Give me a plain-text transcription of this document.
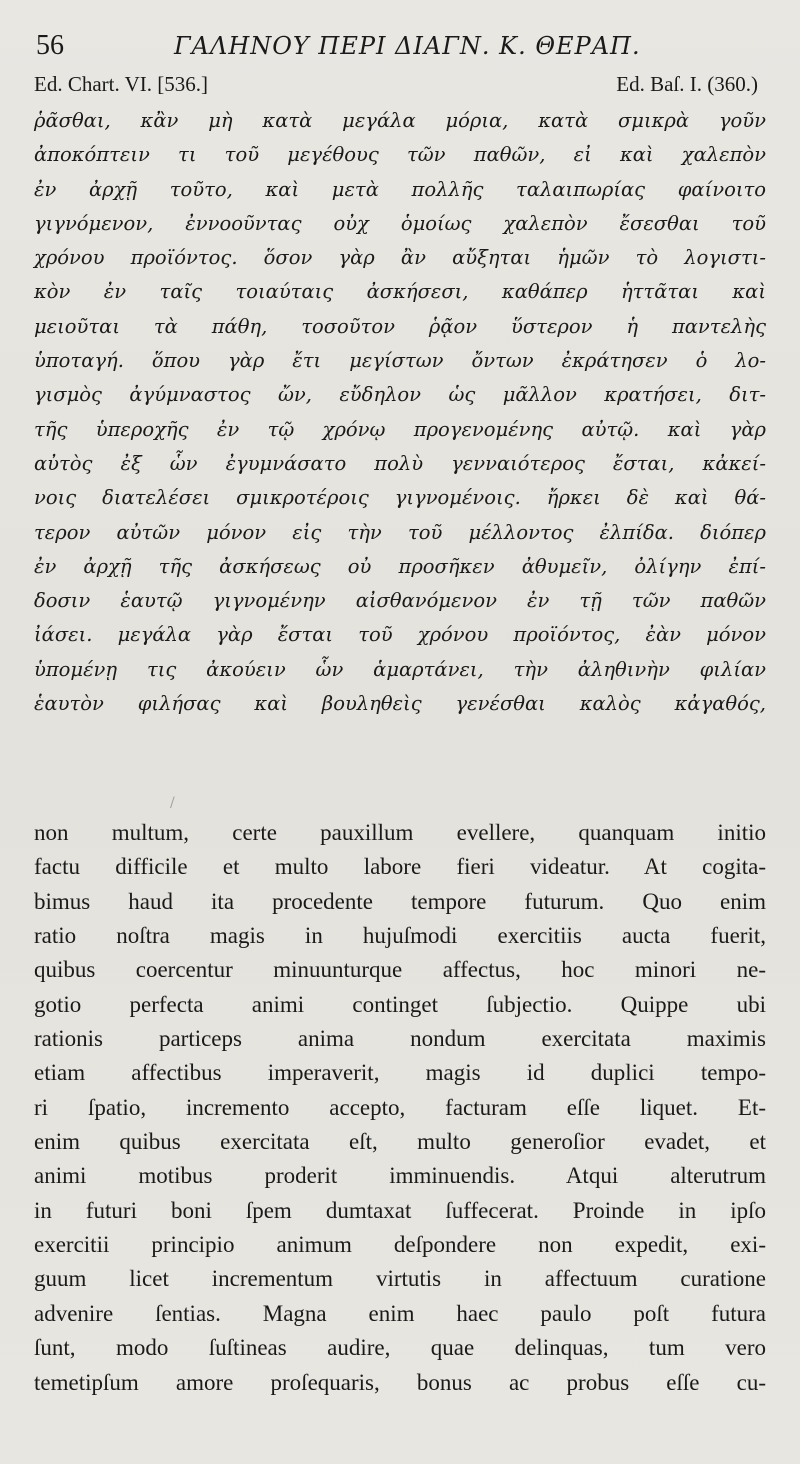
56	ΓΑΛΗΝΟΥ ΠΕΡΙ ΔΙΑΓΝ. Κ. ΘΕΡΑΠ.
Ed. Chart. VI. [536.]	Ed. Baſ. I. (360.)
ῥᾶσθαι, κἂν μὴ κατὰ μεγάλα μόρια, κατὰ σμικρὰ γοῦν
ἀποκόπτειν τι τοῦ μεγέθους τῶν παθῶν, εἰ καὶ χαλεπὸν
ἐν ἀρχῇ τοῦτο, καὶ μετὰ πολλῆς ταλαιπωρίας φαίνοιτο
γιγνόμενον, ἐννοοῦντας οὐχ ὁμοίως χαλεπὸν ἔσεσθαι τοῦ
χρόνου προϊόντος. ὅσον γὰρ ἂν αὔξηται ἡμῶν τὸ λογιστι-
κὸν ἐν ταῖς τοιαύταις ἀσκήσεσι, καθάπερ ἡττᾶται καὶ
μειοῦται τὰ πάθη, τοσοῦτον ῥᾷον ὕστερον ἡ παντελὴς
ὑποταγή. ὅπου γὰρ ἔτι μεγίστων ὄντων ἐκράτησεν ὁ λο-
γισμὸς ἀγύμναστος ὤν, εὔδηλον ὡς μᾶλλον κρατήσει, διτ-
τῆς ὑπεροχῆς ἐν τῷ χρόνῳ προγενομένης αὐτῷ. καὶ γὰρ
αὐτὸς ἐξ ὧν ἐγυμνάσατο πολὺ γενναιότερος ἔσται, κἀκεί-
νοις διατελέσει σμικροτέροις γιγνομένοις. ἤρκει δὲ καὶ θά-
τερον αὐτῶν μόνον εἰς τὴν τοῦ μέλλοντος ἐλπίδα. διόπερ
ἐν ἀρχῇ τῆς ἀσκήσεως οὐ προσῆκεν ἀθυμεῖν, ὀλίγην ἐπί-
δοσιν ἑαυτῷ γιγνομένην αἰσθανόμενον ἐν τῇ τῶν παθῶν
ἰάσει. μεγάλα γὰρ ἔσται τοῦ χρόνου προϊόντος, ἐὰν μόνον
ὑπομένῃ τις ἀκούειν ὧν ἁμαρτάνει, τὴν ἀληθινὴν φιλίαν
ἑαυτὸν φιλήσας καὶ βουληθεὶς γενέσθαι καλὸς κἀγαθός,
/
non multum, certe pauxillum evellere, quanquam initio
factu difficile et multo labore fieri videatur. At cogita-
bimus haud ita procedente tempore futurum. Quo enim
ratio noſtra magis in hujuſmodi exercitiis aucta fuerit,
quibus coercentur minuunturque affectus, hoc minori ne-
gotio perfecta animi continget ſubjectio. Quippe ubi
rationis particeps anima nondum exercitata maximis
etiam affectibus imperaverit, magis id duplici tempo-
ri ſpatio, incremento accepto, facturam eſſe liquet. Et-
enim quibus exercitata eſt, multo generoſior evadet, et
animi motibus proderit imminuendis. Atqui alterutrum
in futuri boni ſpem dumtaxat ſuffecerat. Proinde in ipſo
exercitii principio animum deſpondere non expedit, exi-
guum licet incrementum virtutis in affectuum curatione
advenire ſentias. Magna enim haec paulo poſt futura
ſunt, modo ſuſtineas audire, quae delinquas, tum vero
temetipſum amore proſequaris, bonus ac probus eſſe cu-
